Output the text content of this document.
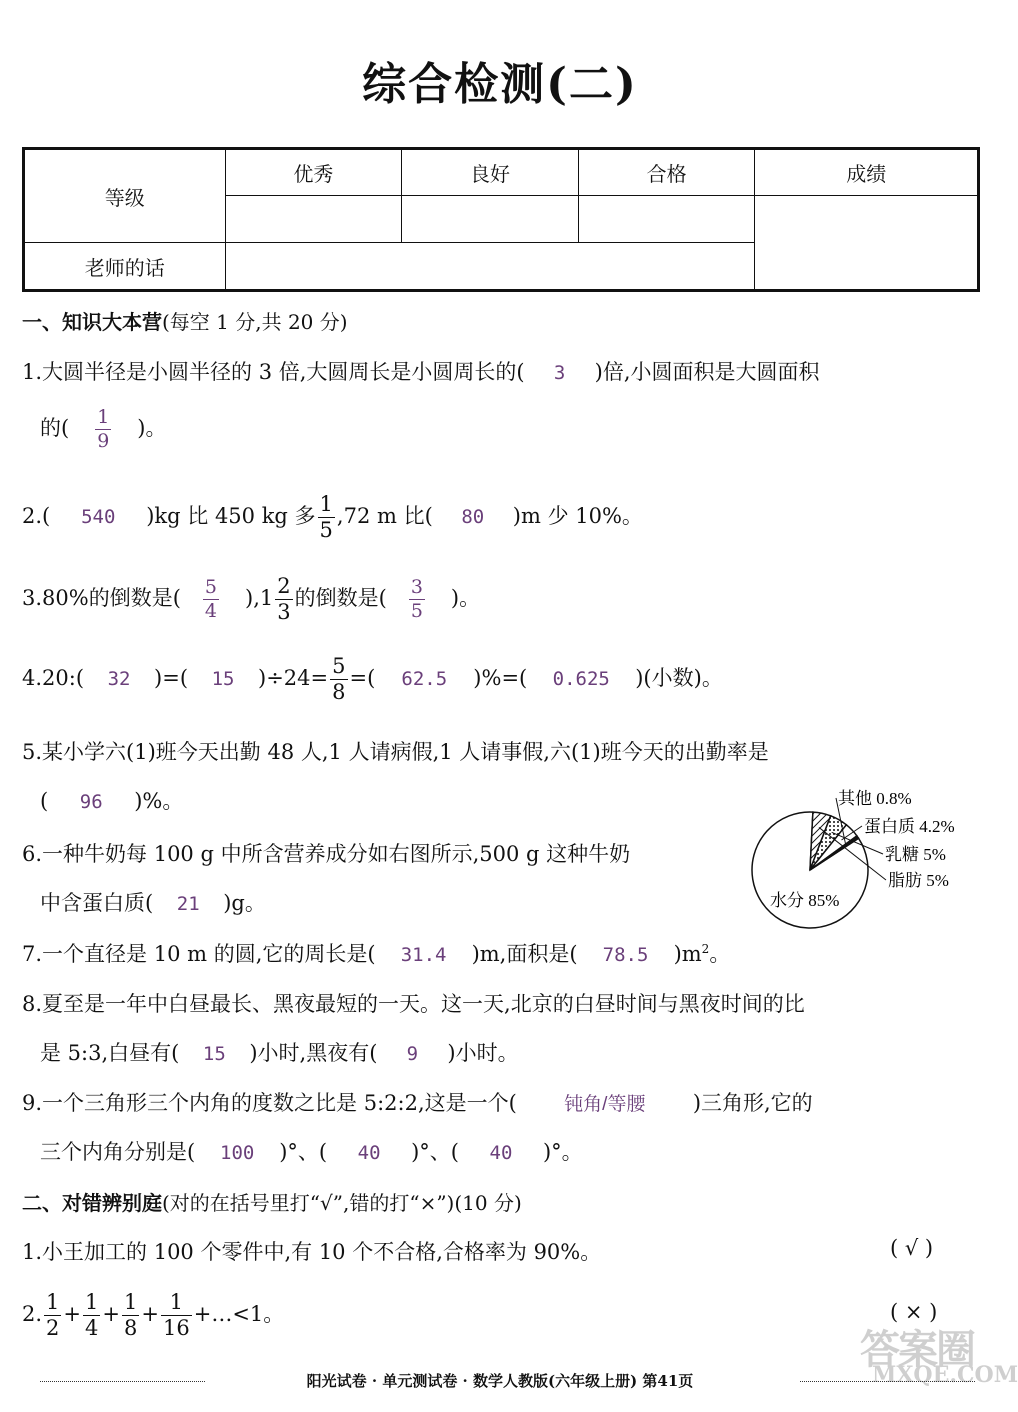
综合检测(二)
等级	优秀	良好	合格	成绩

老师的话				
一、知识大本营(每空 1 分,共 20 分)
1.大圆半径是小圆半径的 3 倍,大圆周长是小圆周长的( 3 )倍,小圆面积是大圆面积
的( $\frac{1}{9}$ )。
2.( 540 )kg 比 450 kg 多 $\frac{1}{5} ,72$ m 比( 80 )m 少 10%。
3.80%的倒数是( $\frac{5}{4} ),1 \frac{2}{3}$ 的倒数是( $\frac{3}{5}$ )。
4.20:( 32 )=( 15 )$\div 24= \frac{5}{8}$ =( 62.5 )%=( 0.625 )(小数)。
5.某小学六(1)班今天出勤 48 人,1 人请病假,1 人请事假,六(1)班今天的出勤率是
( 96 )%。
6.一种牛奶每 100 g 中所含营养成分如右图所示,500 g 这种牛奶
中含蛋白质( 21 )g。
其他 0.8%
蛋白质 4.2%
乳糖 5%
脂肪 5%
水分 85%
7.一个直径是 10 m 的圆,它的周长是( 31.4 )m,面积是( 78.5 )$m^2$。
8.夏至是一年中白昼最长、黑夜最短的一天。这一天,北京的白昼时间与黑夜时间的比
是 5:3,白昼有( 15 )小时,黑夜有( 9 )小时。
9.一个三角形三个内角的度数之比是 5:2:2,这是一个( 钝角/等腰 )三角形,它的
三个内角分别是( 100 )°、( 40 )°、( 40 )°。
二、对错辨别庭(对的在括号里打“√”,错的打“×”)(10 分)
1.小王加工的 100 个零件中,有 10 个不合格,合格率为 90%。	( √ )
2. $\frac{1}{2} + \frac{1}{4} + \frac{1}{8} + \frac{1}{16}$ +…<1。	( × )
答案圈
MXQE.COM
阳光试卷 · 单元测试卷 · 数学人教版(六年级上册) 第41页
